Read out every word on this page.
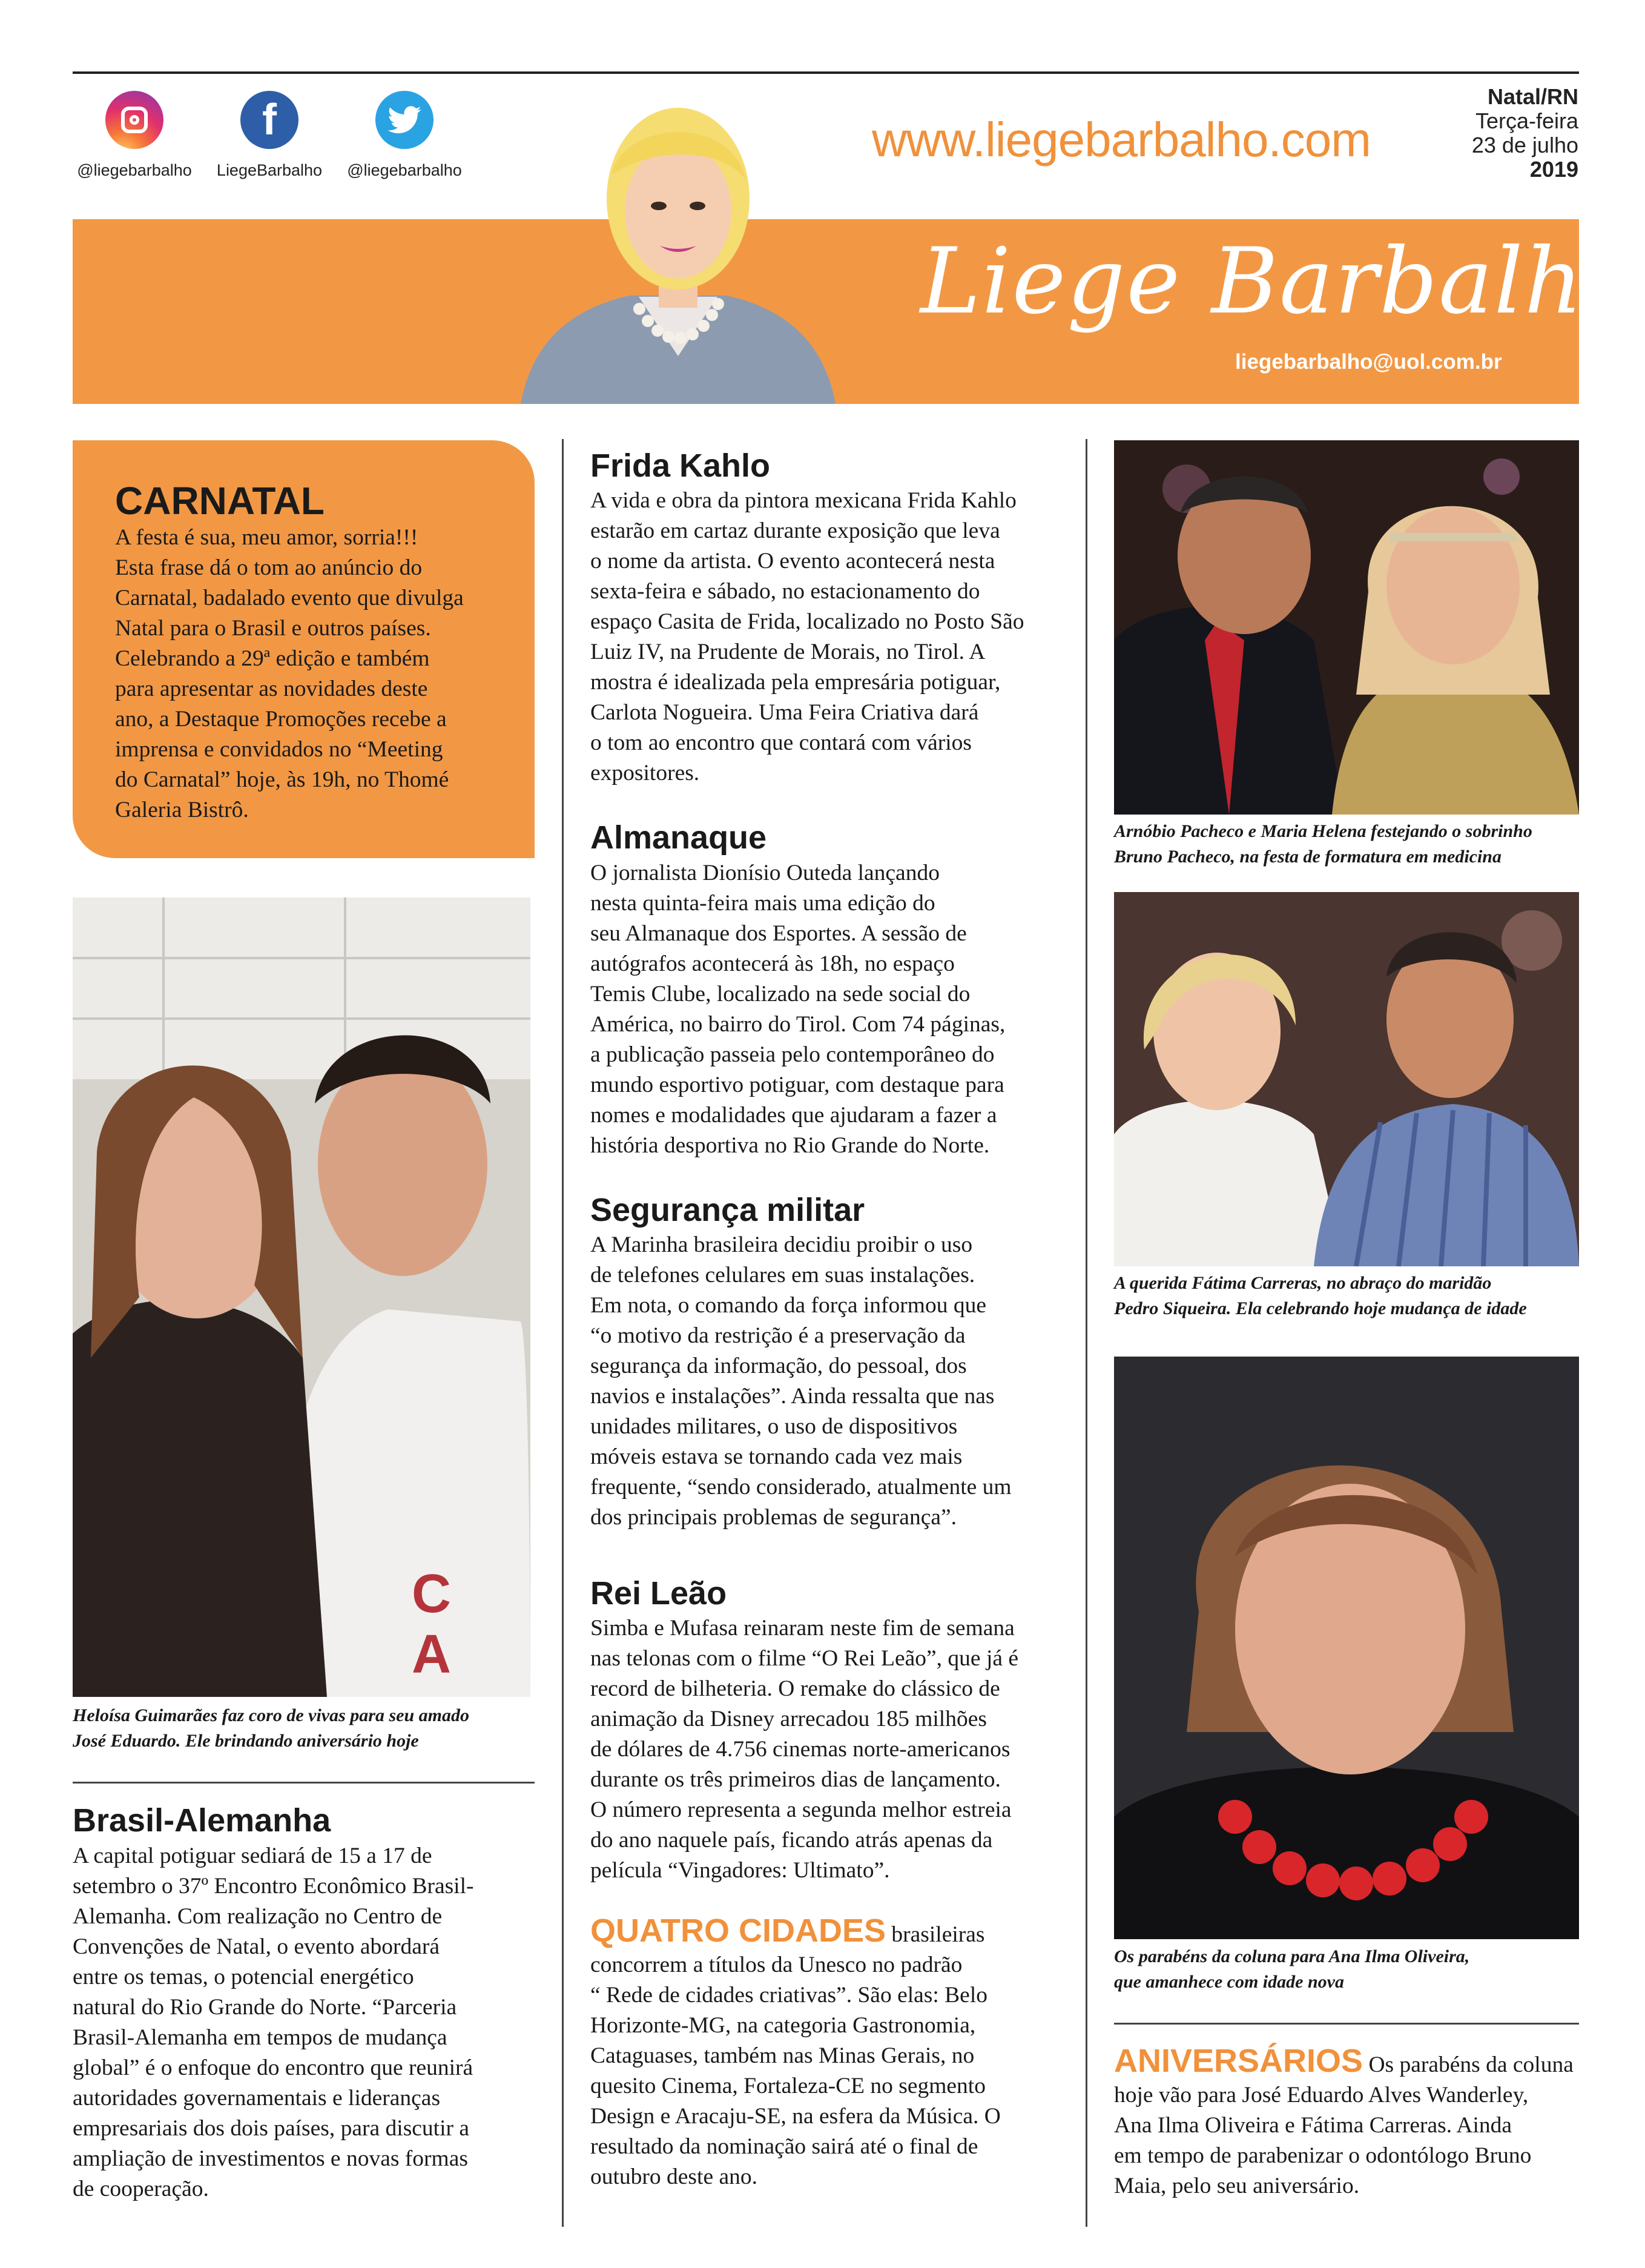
@liegebarbalho
f
LiegeBarbalho	@liegebarbalho
www.liegebarbalho.com
Natal/RN
Terça-feira
23 de julho
2019
Liege Barbalho
liegebarbalho@uol.com.br
CARNATAL
A festa é sua, meu amor, sorria!!!
Esta frase dá o tom ao anúncio do
Carnatal, badalado evento que divulga
Natal para o Brasil e outros países.
Celebrando a 29ª edição e também
para apresentar as novidades deste
ano, a Destaque Promoções recebe a
imprensa e convidados no “Meeting
do Carnatal” hoje, às 19h, no Thomé
Galeria Bistrô.
C
A
Heloísa Guimarães faz coro de vivas para seu amado
José Eduardo. Ele brindando aniversário hoje
Brasil-Alemanha
A capital potiguar sediará de 15 a 17 de
setembro o 37º Encontro Econômico Brasil-
Alemanha. Com realização no Centro de
Convenções de Natal, o evento abordará
entre os temas, o potencial energético
natural do Rio Grande do Norte. “Parceria
Brasil-Alemanha em tempos de mudança
global” é o enfoque do encontro que reunirá
autoridades governamentais e lideranças
empresariais dos dois países, para discutir a
ampliação de investimentos e novas formas
de cooperação.
Frida Kahlo
A vida e obra da pintora mexicana Frida Kahlo
estarão em cartaz durante exposição que leva
o nome da artista. O evento acontecerá nesta
sexta-feira e sábado, no estacionamento do
espaço Casita de Frida, localizado no Posto São
Luiz IV, na Prudente de Morais, no Tirol. A
mostra é idealizada pela empresária potiguar,
Carlota Nogueira. Uma Feira Criativa dará
o tom ao encontro que contará com vários
expositores.
Almanaque
O jornalista Dionísio Outeda lançando
nesta quinta-feira mais uma edição do
seu Almanaque dos Esportes. A sessão de
autógrafos acontecerá às 18h, no espaço
Temis Clube, localizado na sede social do
América, no bairro do Tirol. Com 74 páginas,
a publicação passeia pelo contemporâneo do
mundo esportivo potiguar, com destaque para
nomes e modalidades que ajudaram a fazer a
história desportiva no Rio Grande do Norte.
Segurança militar
A Marinha brasileira decidiu proibir o uso
de telefones celulares em suas instalações.
Em nota, o comando da força informou que
“o motivo da restrição é a preservação da
segurança da informação, do pessoal, dos
navios e instalações”. Ainda ressalta que nas
unidades militares, o uso de dispositivos
móveis estava se tornando cada vez mais
frequente, “sendo considerado, atualmente um
dos principais problemas de segurança”.
Rei Leão
Simba e Mufasa reinaram neste fim de semana
nas telonas com o filme “O Rei Leão”, que já é
record de bilheteria. O remake do clássico de
animação da Disney arrecadou 185 milhões
de dólares de 4.756 cinemas norte-americanos
durante os três primeiros dias de lançamento.
O número representa a segunda melhor estreia
do ano naquele país, ficando atrás apenas da
película “Vingadores: Ultimato”.
QUATRO CIDADES brasileiras
concorrem a títulos da Unesco no padrão
“ Rede de cidades criativas”. São elas: Belo
Horizonte-MG, na categoria Gastronomia,
Cataguases, também nas Minas Gerais, no
quesito Cinema, Fortaleza-CE no segmento
Design e Aracaju-SE, na esfera da Música. O
resultado da nominação sairá até o final de
outubro deste ano.
Arnóbio Pacheco e Maria Helena festejando o sobrinho
Bruno Pacheco, na festa de formatura em medicina
A querida Fátima Carreras, no abraço do maridão
Pedro Siqueira. Ela celebrando hoje mudança de idade
Os parabéns da coluna para Ana Ilma Oliveira,
que amanhece com idade nova
ANIVERSÁRIOS Os parabéns da coluna
hoje vão para José Eduardo Alves Wanderley,
Ana Ilma Oliveira e Fátima Carreras. Ainda
em tempo de parabenizar o odontólogo Bruno
Maia, pelo seu aniversário.
